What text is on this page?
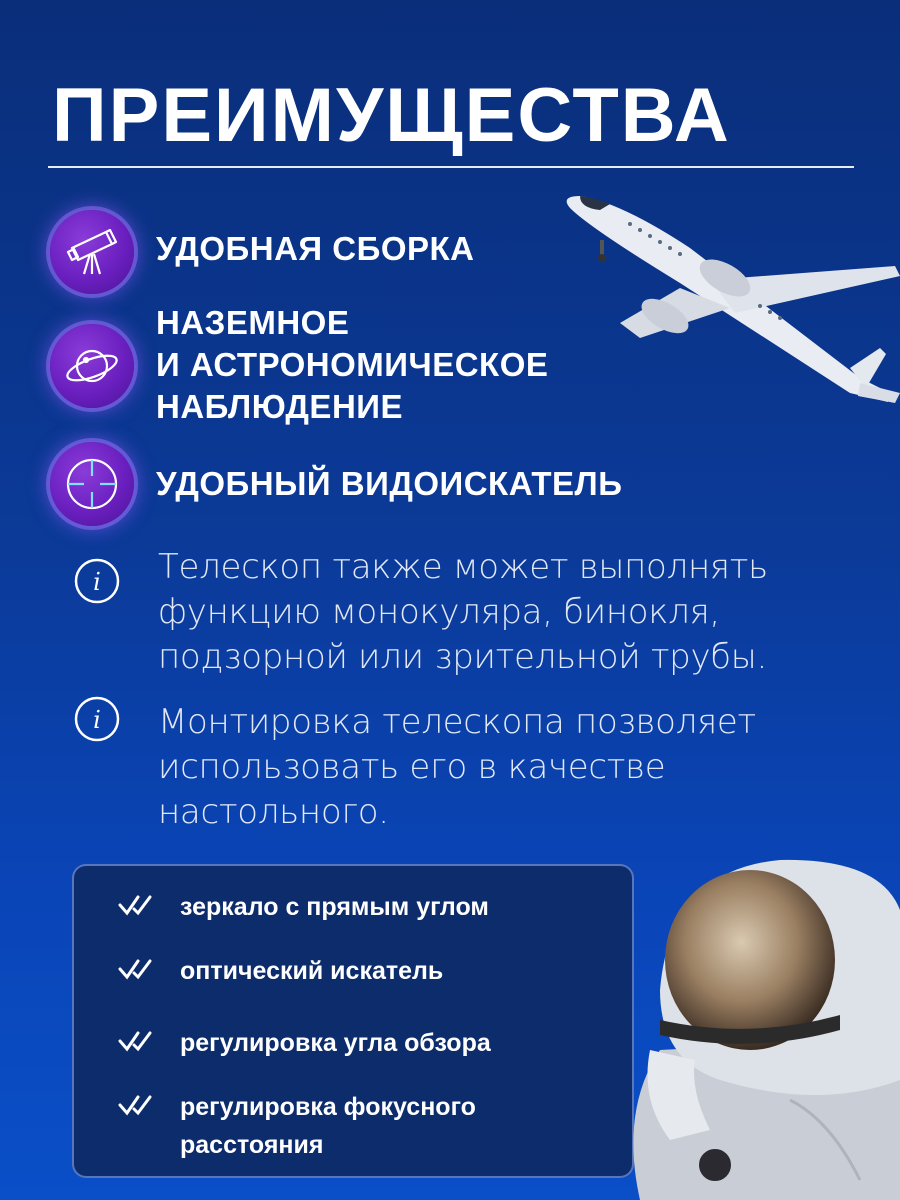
ПРЕИМУЩЕСТВА
УДОБНАЯ СБОРКА
НАЗЕМНОЕ
И АСТРОНОМИЧЕСКОЕ
НАБЛЮДЕНИЕ
УДОБНЫЙ ВИДОИСКАТЕЛЬ
i Телескоп также может выполнять
функцию монокуляра, бинокля,
подзорной или зрительной трубы.
i Монтировка телескопа позволяет
использовать его в качестве
настольного.
зеркало с прямым углом
оптический искатель
регулировка угла обзора
регулировка фокусного
расстояния
